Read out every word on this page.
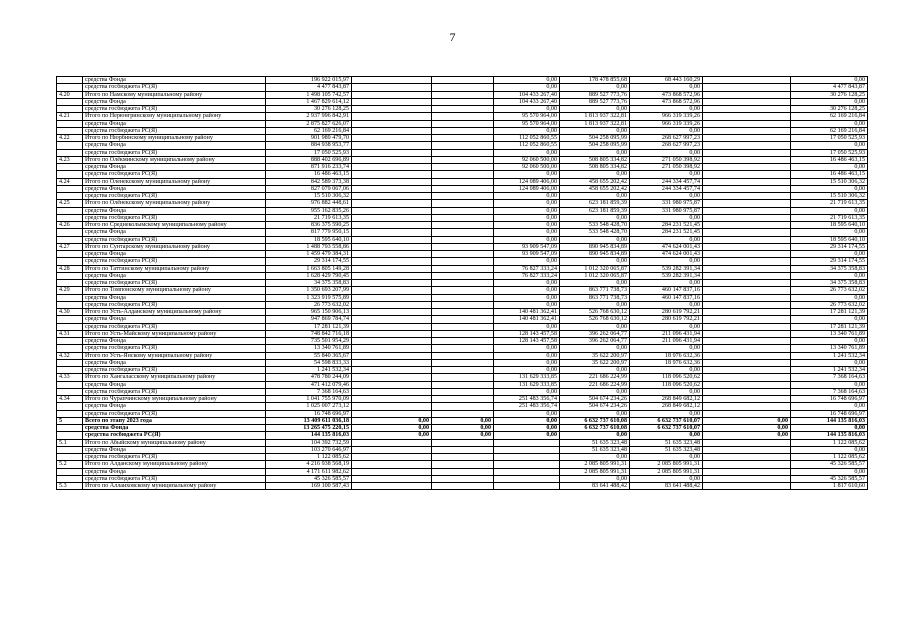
7
	средства Фонда	196 922 015,97			0,00	178 478 855,68	68 443 160,29		0,00
	средства госбюджета РС(Я)	4 477 843,87			0,00	0,00	0,00		4 477 843,87
4.20	Итого по Намскому муниципальному району	1 498 105 742,57			104 433 267,40	889 527 773,76	473 868 572,96		30 276 128,25
	средства Фонда	1 467 829 614,12			104 433 267,40	889 527 773,76	473 868 572,96		0,00
	средства госбюджета РС(Я)	30 276 128,25			0,00	0,00	0,00		30 276 128,25
4.21	Итого по Нерюнгринскому муниципальному району	2 937 996 842,91			95 570 964,00	1 813 937 322,81	966 319 339,26		62 169 216,84
	средства Фонда	2 875 827 626,07			95 570 964,00	1 813 937 322,81	966 319 339,26		0,00
	средства госбюджета РС(Я)	62 169 216,84			0,00	0,00	0,00		62 169 216,84
4.22	Итого по Нюрбинскому муниципальному району	901 989 479,70			112 052 860,55	504 258 095,99	268 627 997,23		17 050 525,93
	средства Фонда	884 938 953,77			112 052 860,55	504 258 095,99	268 627 997,23		0,00
	средства госбюджета РС(Я)	17 050 525,93			0,00	0,00	0,00		17 050 525,93
4.23	Итого по Олёкминскому муниципальному району	888 402 696,89			92 060 500,00	508 805 334,82	271 050 398,92		16 486 463,15
	средства Фонда	871 916 233,74			92 060 500,00	508 805 334,82	271 050 398,92		0,00
	средства госбюджета РС(Я)	16 486 463,15			0,00	0,00	0,00		16 486 463,15
4.24	Итого по Оленекскому муниципальному району	842 589 373,38			124 089 406,00	458 655 202,42	244 334 457,74		15 510 306,32
	средства Фонда	827 079 067,06			124 089 406,00	458 655 202,42	244 334 457,74		0,00
	средства госбюджета РС(Я)	15 510 306,32			0,00	0,00	0,00		15 510 306,32
4.25	Итого по Олёнекскому муниципальному району	976 882 448,61			0,00	623 181 859,39	331 980 975,87		21 719 613,35
	средства Фонда	955 162 835,26			0,00	623 181 859,39	331 980 975,87		0,00
	средства госбюджета РС(Я)	21 719 613,35			0,00	0,00	0,00		21 719 613,35
4.26	Итого по Среднеколымскому муниципальному району	836 375 590,25			0,00	533 548 428,70	284 231 521,45		18 595 640,10
	средства Фонда	817 779 950,15			0,00	533 548 428,70	284 231 521,45		0,00
	средства госбюджета РС(Я)	18 595 640,10			0,00	0,00	0,00		18 595 640,10
4.27	Итого по Сунтарскому муниципальному району	1 488 793 558,86			93 909 547,09	890 945 834,89	474 624 001,43		29 314 174,55
	средства Фонда	1 459 479 384,31			93 909 547,09	890 945 834,89	474 624 001,43		0,00
	средства госбюджета РС(Я)	29 314 174,55			0,00	0,00	0,00		29 314 174,55
4.28	Итого по Таттинскому муниципальному району	1 663 805 149,28			76 827 333,24	1 012 320 065,87	539 282 391,34		34 375 358,83
	средства Фонда	1 628 429 790,45			76 827 333,24	1 012 320 065,87	539 282 391,34		0,00
	средства госбюджета РС(Я)	34 375 358,83			0,00	0,00	0,00		34 375 358,83
4.29	Итого по Томпонскому муниципальному району	1 350 693 207,99			0,00	863 771 738,73	460 147 837,16		26 773 632,02
	средства Фонда	1 323 919 575,89			0,00	863 771 738,73	460 147 837,16		0,00
	средства госбюджета РС(Я)	26 773 632,02			0,00	0,00	0,00		26 773 632,02
4.30	Итого по Усть-Алданскому муниципальному району	965 150 906,13			140 481 362,41	526 768 630,12	280 619 792,21		17 281 121,39
	средства Фонда	947 869 784,74			140 481 362,41	526 768 630,12	280 619 792,21		0,00
	средства госбюджета РС(Я)	17 281 121,39			0,00	0,00	0,00		17 281 121,39
4.31	Итого по Усть-Майскому муниципальному району	748 842 716,18			128 143 457,58	396 262 064,77	211 096 431,94		13 340 761,89
	средства Фонда	735 501 954,29			128 143 457,58	396 262 064,77	211 096 431,94		0,00
	средства госбюджета РС(Я)	13 340 761,89			0,00	0,00	0,00		13 340 761,89
4.32	Итого по Усть-Янскому муниципальному району	55 840 365,67			0,00	35 622 200,97	18 976 632,36		1 241 532,34
	средства Фонда	54 598 833,33			0,00	35 622 200,97	18 976 632,36		0,00
	средства госбюджета РС(Я)	1 241 532,34			0,00	0,00	0,00		1 241 532,34
4.33	Итого по Хангаласскому муниципальному району	478 780 244,09			131 629 333,85	221 686 224,99	118 096 520,62		7 368 164,63
	средства Фонда	471 412 079,46			131 629 333,85	221 686 224,99	118 096 520,62		0,00
	средства госбюджета РС(Я)	7 368 164,63			0,00	0,00	0,00		7 368 164,63
4.34	Итого по Чурапчинскому муниципальному району	1 041 755 970,09			251 483 356,74	504 674 234,26	268 849 682,12		16 748 696,97
	средства Фонда	1 025 007 273,12			251 483 356,74	504 674 234,26	268 849 682,12		0,00
	средства госбюджета РС(Я)	16 748 696,97			0,00	0,00	0,00		16 748 696,97
5	Всего по этапу 2023 года	13 409 611 036,18	0,00	0,00	0,00	6 632 737 610,08	6 632 737 610,07	0,00	144 135 816,03
	средства Фонда	13 265 475 220,15	0,00	0,00	0,00	6 632 737 610,08	6 632 737 610,07	0,00	0,00
	средства госбюджета РС(Я)	144 135 816,03	0,00	0,00	0,00	0,00	0,00	0,00	144 135 816,03
5.1	Итого по Абыйскому муниципальному району	104 392 732,59				51 635 323,48	51 635 323,48		1 122 085,62
	средства Фонда	103 270 646,97				51 635 323,48	51 635 323,48		0,00
	средства госбюджета РС(Я)	1 122 085,62				0,00	0,00		1 122 085,62
5.2	Итого по Алданскому муниципальному району	4 216 938 568,19				2 085 805 991,31	2 085 805 991,31		45 326 585,57
	средства Фонда	4 171 611 982,62				2 085 805 991,31	2 085 805 991,31		0,00
	средства госбюджета РС(Я)	45 326 585,57				0,00	0,00		45 326 585,57
5.3	Итого по Аллаиховскому муниципальному району	169 100 587,43				83 641 488,42	83 641 488,42		1 817 610,60
